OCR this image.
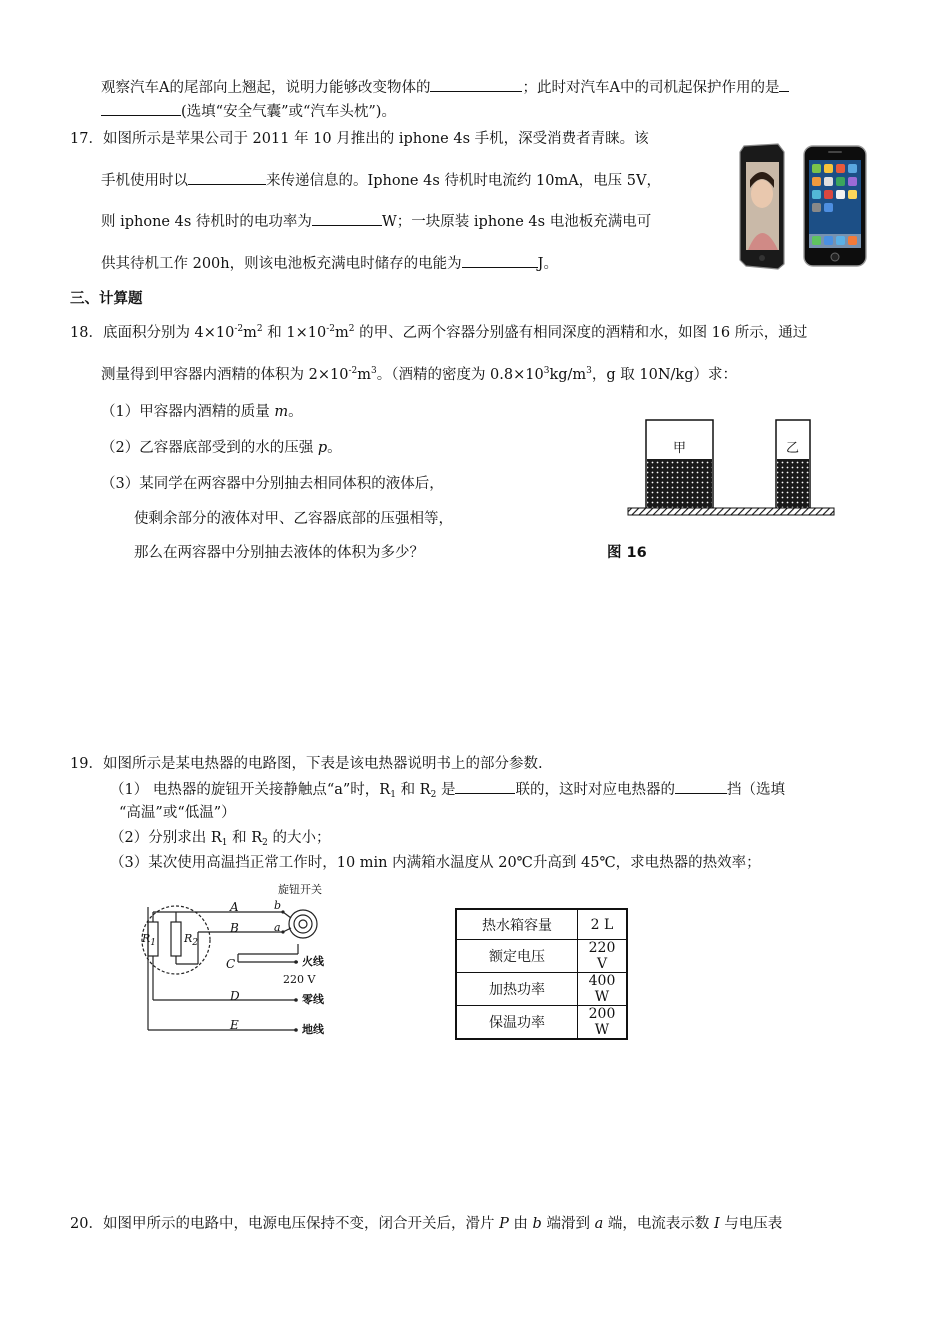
观察汽车A的尾部向上翘起，说明力能够改变物体的	；此时对汽车A中的司机起保护作用的是
(选填“安全气囊”或“汽车头枕”)。
17．如图所示是苹果公司于 2011 年 10 月推出的 iphone 4s 手机，深受消费者青睐。该
手机使用时以	来传递信息的。Iphone 4s 待机时电流约 10mA，电压 5V，
则 iphone 4s 待机时的电功率为	W；一块原装 iphone 4s 电池板充满电可
供其待机工作 200h，则该电池板充满电时储存的电能为	J。
三、计算题
18．底面积分别为 $4\times 10^{-2}m^2$ 和 $1\times 10^{-2}m^2$ 的甲、乙两个容器分别盛有相同深度的酒精和水，如图 16 所示，通过
测量得到甲容器内酒精的体积为 $2\times 10^{-2}m^3$。（酒精的密度为 $0.8\times 10^3kg/m^3$，g 取 10N/kg）求：
（1）甲容器内酒精的质量 m。
（2）乙容器底部受到的水的压强 p。
（3）某同学在两容器中分别抽去相同体积的液体后，
使剩余部分的液体对甲、乙容器底部的压强相等，
那么在两容器中分别抽去液体的体积为多少？
甲	乙
图 16
19．如图所示是某电热器的电路图，下表是该电热器说明书上的部分参数.
（1） 电热器的旋钮开关接静触点“a”时，$R_1$ 和 $R_2$ 是	联的，这时对应电热器的	挡（选填
“高温”或“低温”）
（2）分别求出 $R_1$ 和 $R_2$ 的大小；
（3）某次使用高温挡正常工作时，10 min 内满箱水温度从 20℃升高到 45℃，求电热器的热效率；
旋钮开关
A
B
C
D
E
b
a
$R_1$	$R_2$
火线
220 V
零线
地线
热水箱容量	2 L
额定电压	220 V
加热功率	400 W
保温功率	200 W
20．如图甲所示的电路中，电源电压保持不变，闭合开关后，滑片 P 由 b 端滑到 a 端，电流表示数 I 与电压表
